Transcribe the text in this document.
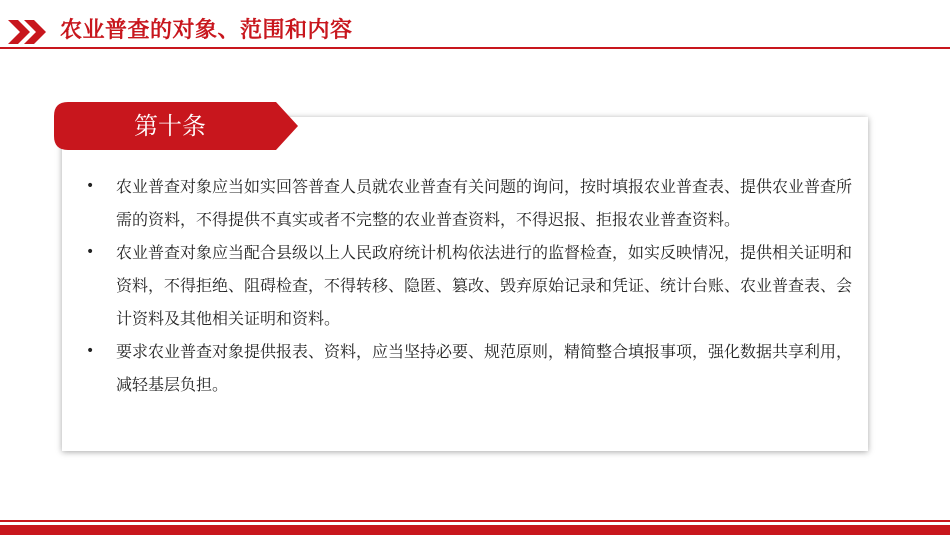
农业普查的对象、范围和内容
第十条
• 农业普查对象应当如实回答普查人员就农业普查有关问题的询问，按时填报农业普查表、提供农业普查所需的资料，不得提供不真实或者不完整的农业普查资料，不得迟报、拒报农业普查资料。
• 农业普查对象应当配合县级以上人民政府统计机构依法进行的监督检查，如实反映情况，提供相关证明和资料，不得拒绝、阻碍检查，不得转移、隐匿、篡改、毁弃原始记录和凭证、统计台账、农业普查表、会计资料及其他相关证明和资料。
• 要求农业普查对象提供报表、资料，应当坚持必要、规范原则，精简整合填报事项，强化数据共享利用，减轻基层负担。
